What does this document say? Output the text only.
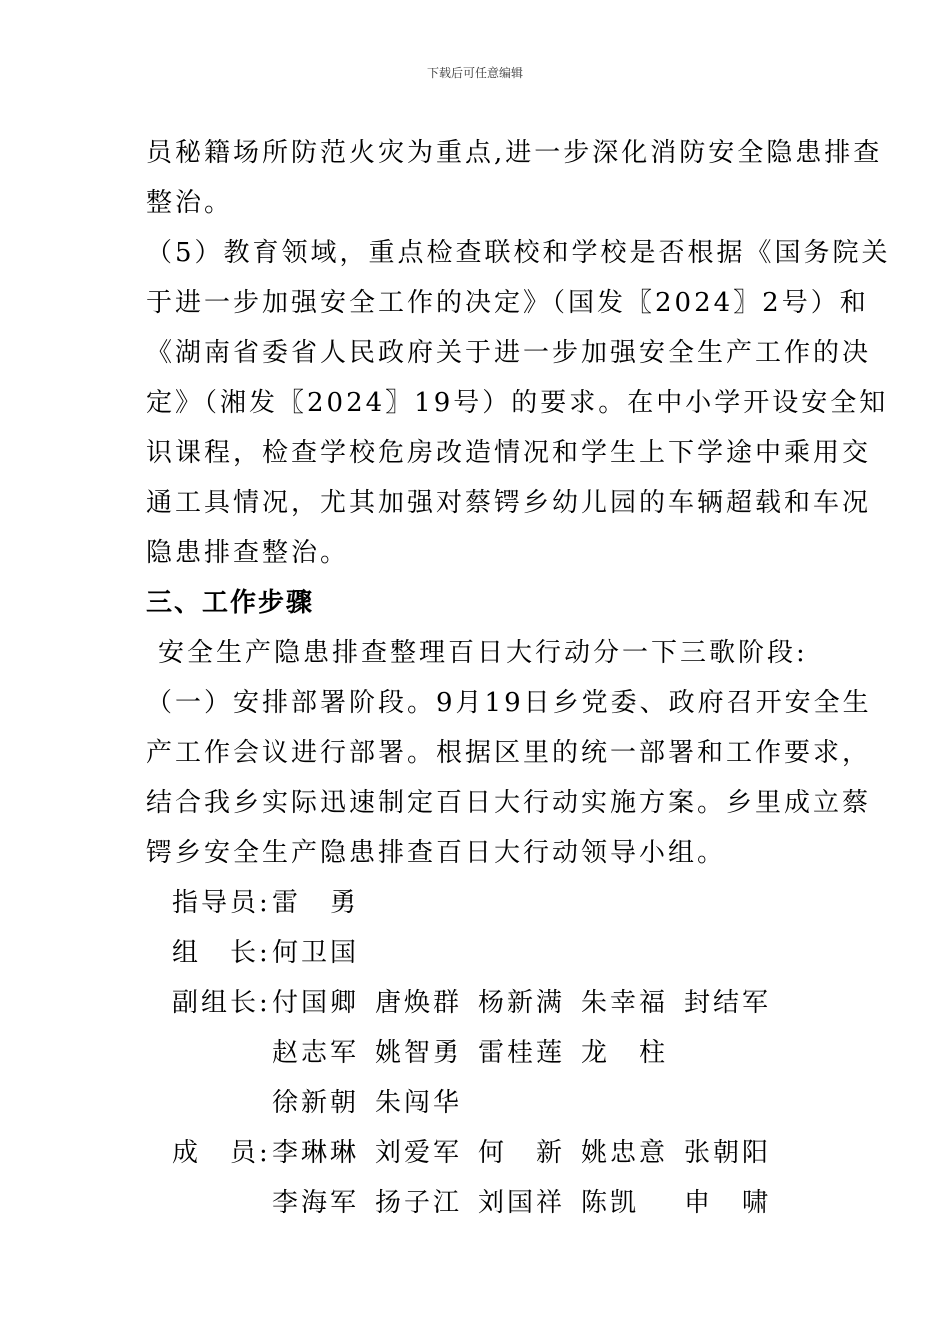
下载后可任意编辑
员秘籍场所防范火灾为重点,进一步深化消防安全隐患排查
整治。
（5）教育领域，重点检查联校和学校是否根据《国务院关
于进一步加强安全工作的决定》（国发〖2024〗2号）和
《湖南省委省人民政府关于进一步加强安全生产工作的决
定》（湘发〖2024〗19号）的要求。在中小学开设安全知
识课程，检查学校危房改造情况和学生上下学途中乘用交
通工具情况，尤其加强对蔡锷乡幼儿园的车辆超载和车况
隐患排查整治。
三、工作步骤
安全生产隐患排查整理百日大行动分一下三歌阶段:
（一）安排部署阶段。9月19日乡党委、政府召开安全生
产工作会议进行部署。根据区里的统一部署和工作要求，
结合我乡实际迅速制定百日大行动实施方案。乡里成立蔡
锷乡安全生产隐患排查百日大行动领导小组。
指导员: 雷　勇
组　长: 何卫国
副组长: 付国卿 唐焕群 杨新满 朱幸福 封结军
赵志军 姚智勇 雷桂莲 龙　柱
徐新朝 朱闯华
成　员: 李琳琳 刘爱军 何　新 姚忠意 张朝阳
李海军 扬子江 刘国祥 陈凯	申　啸
